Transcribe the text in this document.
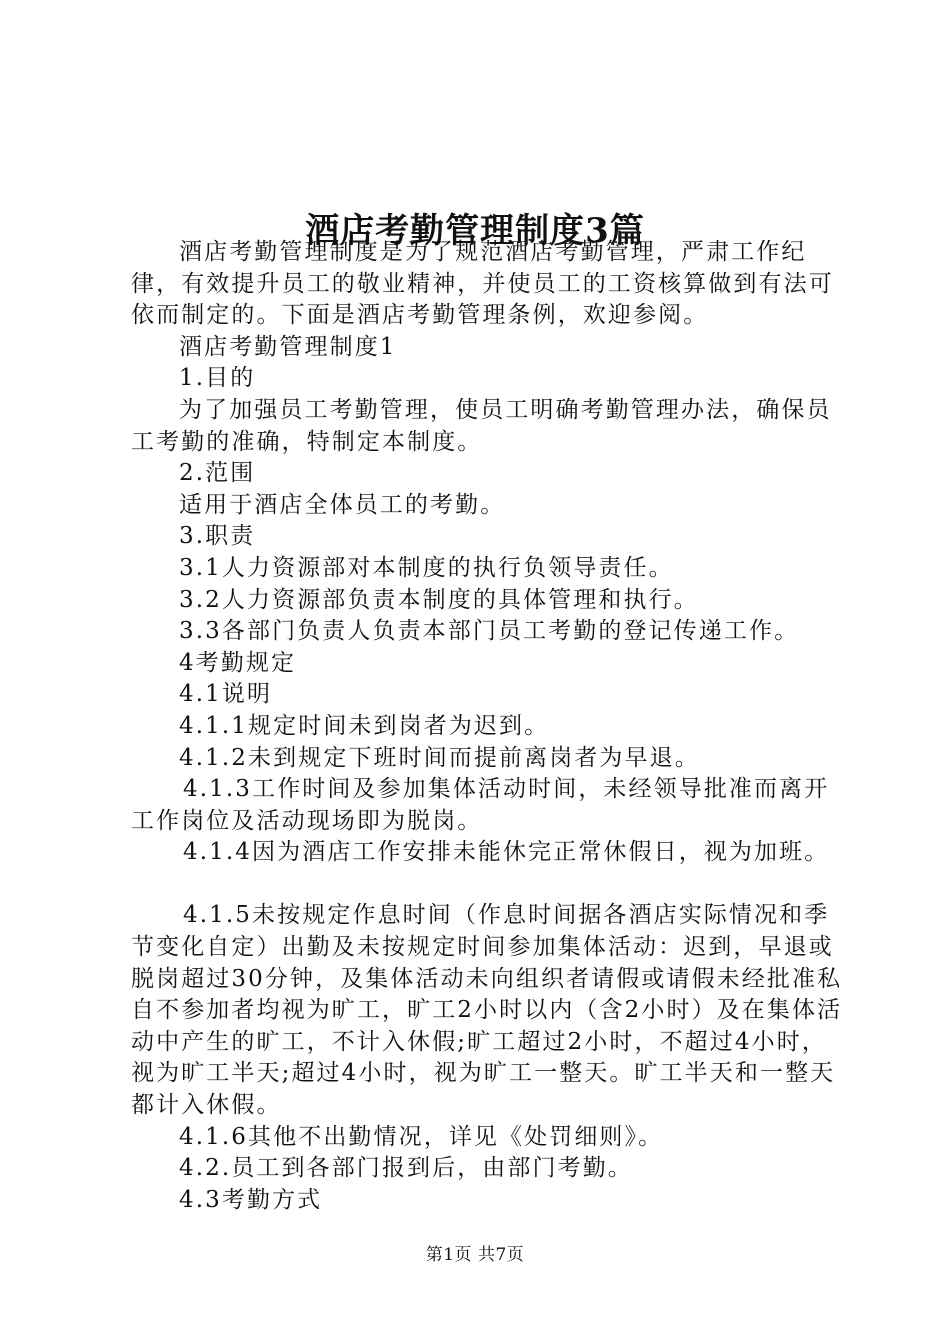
酒店考勤管理制度3篇

酒店考勤管理制度是为了规范酒店考勤管理，严肃工作纪律，有效提升员工的敬业精神，并使员工的工资核算做到有法可依而制定的。下面是酒店考勤管理条例，欢迎参阅。

酒店考勤管理制度1

1.目的

为了加强员工考勤管理，使员工明确考勤管理办法，确保员工考勤的准确，特制定本制度。

2.范围

适用于酒店全体员工的考勤。

3.职责

3.1人力资源部对本制度的执行负领导责任。

3.2人力资源部负责本制度的具体管理和执行。

3.3各部门负责人负责本部门员工考勤的登记传递工作。

4考勤规定

4.1说明

4.1.1规定时间未到岗者为迟到。

4.1.2未到规定下班时间而提前离岗者为早退。

4.1.3工作时间及参加集体活动时间，未经领导批准而离开工作岗位及活动现场即为脱岗。

4.1.4因为酒店工作安排未能休完正常休假日，视为加班。

4.1.5未按规定作息时间（作息时间据各酒店实际情况和季节变化自定）出勤及未按规定时间参加集体活动：迟到，早退或脱岗超过30分钟，及集体活动未向组织者请假或请假未经批准私自不参加者均视为旷工，旷工2小时以内（含2小时）及在集体活动中产生的旷工，不计入休假;旷工超过2小时，不超过4小时，视为旷工半天;超过4小时，视为旷工一整天。旷工半天和一整天都计入休假。

4.1.6其他不出勤情况，详见《处罚细则》。

4.2.员工到各部门报到后，由部门考勤。

4.3考勤方式

第1页 共7页
